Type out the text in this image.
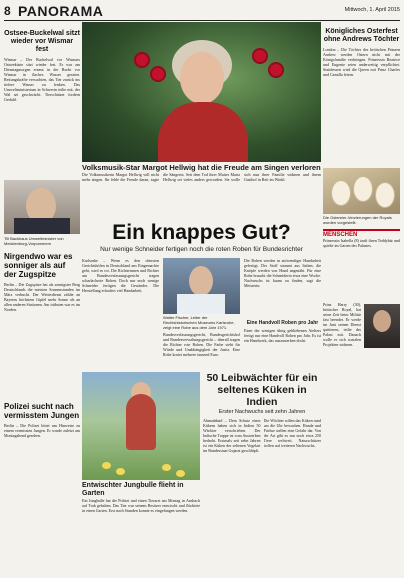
8 PANORAMA	Mittwoch, 1. April 2015
Ostsee-Buckelwal sitzt wieder vor Wismar fest
Wismar – Der Buckelwal vor Wismars Ostseeküste sitzt wieder fest. Er war am Dienstagmorgen erneut in der Bucht vor Wismar in flaches Wasser geraten. Rettungskräfte versuchten, das Tier zurück ins tiefere Wasser zu lenken. Das Umweltministerium in Schwerin teilte mit, der Wal sei geschwächt. Tierschützer fordern Geduld.
Till Backhaus Umweltminister von Mecklenburg-Vorpommern
Nirgendwo war es sonniger als auf der Zugspitze
Berlin – Die Zugspitze hat als sonnigster Berg Deutschlands die meisten Sonnenstunden im März verbucht. Der Wetterdienst zählte an Bayerns höchstem Gipfel mehr Sonne als an allen anderen Stationen. Am trübsten war es im Norden.
Polizei sucht nach vermisstem Jungen
Berlin – Die Polizei bittet um Hinweise zu einem vermissten Jungen. Er wurde zuletzt am Montagabend gesehen.
Volksmusik-Star Margot Hellwig hat die Freude am Singen verloren
Die Volksmusikerin Margot Hellwig will nicht mehr singen. Ihr fehle die Freude daran, sagte die Sängerin. Seit dem Tod ihrer Mutter Maria Hellwig sei vieles anders geworden. Sie wolle sich nun ihrer Familie widmen und ihrem Gasthof in Reit im Winkl.
Ein knappes Gut?
Nur wenige Schneider fertigen noch die roten Roben für Bundesrichter
Karlsruhe – Wenn es den obersten Gerichtshöfen in Deutschland ans Eingemachte geht, wird es rot. Die Richterinnen und Richter am Bundesverfassungsgericht tragen scharlachrote Roben. Doch nur noch wenige Schneider fertigen die Gewänder. Die Herstellung erfordert viel Handarbeit.
Walter Fischer, Leiter der Rechtshistorischen Museums Karlsruhe, zeigt eine Robe aus dem Jahr 1971.
Bundesverfassungsgericht, Bundesgerichtshof und Bundesverwaltungsgericht – überall tragen die Richter rote Roben. Die Farbe steht für Würde und Unabhängigkeit der Justiz. Eine Robe kostet mehrere tausend Euro.
Die Roben werden in aufwendiger Handarbeit gefertigt. Der Stoff stammt aus Italien, die Knöpfe werden von Hand angenäht. Für eine Robe braucht die Schneiderin etwa eine Woche. Nachwuchs ist kaum zu finden, sagt die Meisterin.
Eine Handvoll Roben pro Jahr
Einer der wenigen übrig gebliebenen Ateliers fertigt nur eine Handvoll Roben pro Jahr. Es ist ein Handwerk, das auszusterben droht.
Entwischter Jungbulle flieht in Garten
Ein Jungbulle hat die Polizei und einen Tierarzt am Montag in Ansbach auf Trab gehalten. Das Tier war seinem Besitzer entwischt und flüchtete in einen Garten. Erst nach Stunden konnte es eingefangen werden.
50 Leibwächter für ein seltenes Küken in Indien
Erster Nachwuchs seit zehn Jahren
Ahmadabad – Dem Schutz eines Kükens haben sich in Indien 50 Wächter verschrieben. Der Indische Trappe ist vom Aussterben bedroht. Erstmals seit zehn Jahren ist ein Küken der seltenen Vogelart im Bundesstaat Gujarat geschlüpft.
Die Wächter sollen das Küken rund um die Uhr bewachen. Hunde und Füchse stellen eine Gefahr dar. Von der Art gibt es nur noch etwa 250 Tiere weltweit. Naturschützer hoffen auf weiteren Nachwuchs.
Königliches Osterfest ohne Andrews Töchter
London – Die Töchter des britischen Prinzen Andrew werden Ostern nicht mit der Königsfamilie verbringen. Prinzessin Beatrice und Eugenie seien anderweitig verpflichtet. Stattdessen wird die Queen mit Prinz Charles und Camilla feiern.
Die Ostereier-Verzierungen der Royals wurden vorgestellt.
MENSCHEN
Prinzessin Isabella (8) tauft ihren Teddybär und spielte im Garten des Palastes.
Prinz Harry (30), britischer Royal, hat seine Zeit beim Militär fast beendet. Er werde im Juni seinen Dienst quittieren, teilte der Palast mit. Danach wolle er sich sozialen Projekten widmen.
